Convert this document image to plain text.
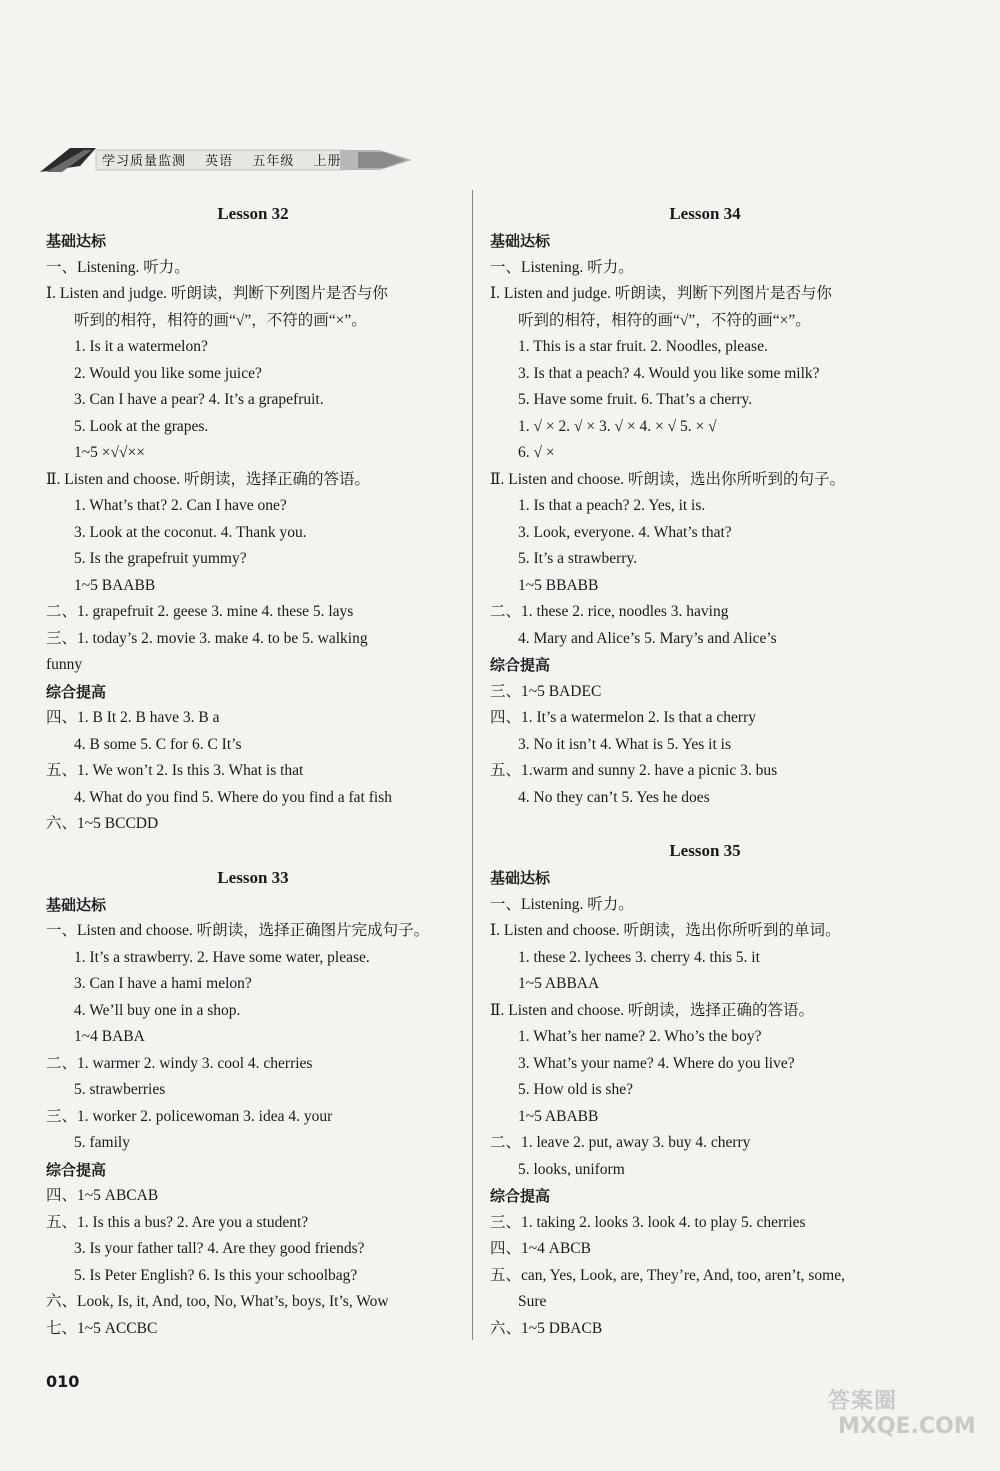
学习质量监测 英语 五年级 上册
Lesson 32
基础达标
一、Listening. 听力。
Ⅰ. Listen and judge. 听朗读，判断下列图片是否与你
听到的相符，相符的画“√”，不符的画“×”。
1. Is it a watermelon?
2. Would you like some juice?
3. Can I have a pear? 4. It’s a grapefruit.
5. Look at the grapes.
1~5 ×√√××
Ⅱ. Listen and choose. 听朗读，选择正确的答语。
1. What’s that? 2. Can I have one?
3. Look at the coconut. 4. Thank you.
5. Is the grapefruit yummy?
1~5 BAABB
二、1. grapefruit 2. geese 3. mine 4. these 5. lays
三、1. today’s 2. movie 3. make 4. to be 5. walking
funny
综合提高
四、1. B It 2. B have 3. B a
4. B some 5. C for 6. C It’s
五、1. We won’t 2. Is this 3. What is that
4. What do you find 5. Where do you find a fat fish
六、1~5 BCCDD
Lesson 33
基础达标
一、Listen and choose. 听朗读，选择正确图片完成句子。
1. It’s a strawberry. 2. Have some water, please.
3. Can I have a hami melon?
4. We’ll buy one in a shop.
1~4 BABA
二、1. warmer 2. windy 3. cool 4. cherries
5. strawberries
三、1. worker 2. policewoman 3. idea 4. your
5. family
综合提高
四、1~5 ABCAB
五、1. Is this a bus? 2. Are you a student?
3. Is your father tall? 4. Are they good friends?
5. Is Peter English? 6. Is this your schoolbag?
六、Look, Is, it, And, too, No, What’s, boys, It’s, Wow
七、1~5 ACCBC
Lesson 34
基础达标
一、Listening. 听力。
Ⅰ. Listen and judge. 听朗读，判断下列图片是否与你
听到的相符，相符的画“√”，不符的画“×”。
1. This is a star fruit. 2. Noodles, please.
3. Is that a peach? 4. Would you like some milk?
5. Have some fruit. 6. That’s a cherry.
1. √ × 2. √ × 3. √ × 4. × √ 5. × √
6. √ ×
Ⅱ. Listen and choose. 听朗读，选出你所听到的句子。
1. Is that a peach? 2. Yes, it is.
3. Look, everyone. 4. What’s that?
5. It’s a strawberry.
1~5 BBABB
二、1. these 2. rice, noodles 3. having
4. Mary and Alice’s 5. Mary’s and Alice’s
综合提高
三、1~5 BADEC
四、1. It’s a watermelon 2. Is that a cherry
3. No it isn’t 4. What is 5. Yes it is
五、1.warm and sunny 2. have a picnic 3. bus
4. No they can’t 5. Yes he does
Lesson 35
基础达标
一、Listening. 听力。
Ⅰ. Listen and choose. 听朗读，选出你所听到的单词。
1. these 2. lychees 3. cherry 4. this 5. it
1~5 ABBAA
Ⅱ. Listen and choose. 听朗读，选择正确的答语。
1. What’s her name? 2. Who’s the boy?
3. What’s your name? 4. Where do you live?
5. How old is she?
1~5 ABABB
二、1. leave 2. put, away 3. buy 4. cherry
5. looks, uniform
综合提高
三、1. taking 2. looks 3. look 4. to play 5. cherries
四、1~4 ABCB
五、can, Yes, Look, are, They’re, And, too, aren’t, some,
Sure
六、1~5 DBACB
010
答案圈
MXQE.COM
